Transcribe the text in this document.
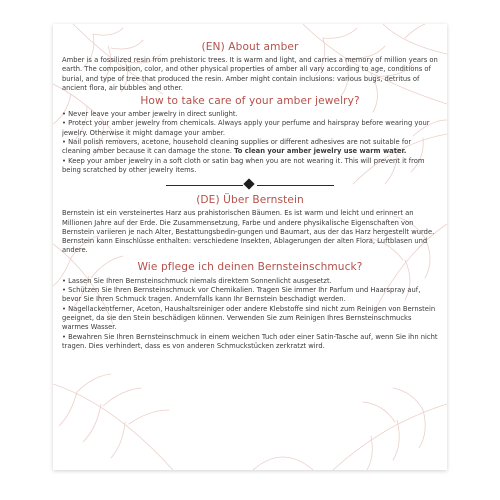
(EN) About amber

Amber is a fossilized resin from prehistoric trees. It is warm and light, and carries a memory of million years on earth. The composition, color, and other physical properties of amber all vary according to age, conditions of burial, and type of tree that produced the resin. Amber might contain inclusions: various bugs, detritus of ancient flora, air bubbles and other.

How to take care of your amber jewelry?
• Never leave your amber jewelry in direct sunlight.
• Protect your amber jewelry from chemicals. Always apply your perfume and hairspray before wearing your jewelry. Otherwise it might damage your amber.
• Nail polish removers, acetone, household cleaning supplies or different adhesives are not suitable for cleaning amber because it can damage the stone. To clean your amber jewelry use warm water.
• Keep your amber jewelry in a soft cloth or satin bag when you are not wearing it. This will prevent it from being scratched by other jewelry items.
(DE) Über Bernstein

Bernstein ist ein versteinertes Harz aus prahistorischen Bäumen. Es ist warm und leicht und erinnert an Millionen Jahre auf der Erde. Die Zusammensetzung, Farbe und andere physikalische Eigenschaften von Bernstein variieren je nach Alter, Bestattungsbedin-gungen und Baumart, aus der das Harz hergestellt wurde. Bernstein kann Einschlüsse enthalten: verschiedene Insekten, Ablagerungen der alten Flora, Luftblasen und andere.

Wie pflege ich deinen Bernsteinschmuck?
• Lassen Sie Ihren Bernsteinschmuck niemals direktem Sonnenlicht ausgesetzt.
• Schützen Sie Ihren Bernsteinschmuck vor Chemikalien. Tragen Sie immer Ihr Parfum und Haarspray auf, bevor Sie Ihren Schmuck tragen. Andernfalls kann Ihr Bernstein beschadigt werden.
• Nagellackentferner, Aceton, Haushaltsreiniger oder andere Klebstoffe sind nicht zum Reinigen von Bernstein geeignet, da sie den Stein beschädigen können. Verwenden Sie zum Reinigen Ihres Bernsteinschmucks warmes Wasser.
• Bewahren Sie Ihren Bernsteinschmuck in einem weichen Tuch oder einer Satin-Tasche auf, wenn Sie ihn nicht tragen. Dies verhindert, dass es von anderen Schmuckstücken zerkratzt wird.
